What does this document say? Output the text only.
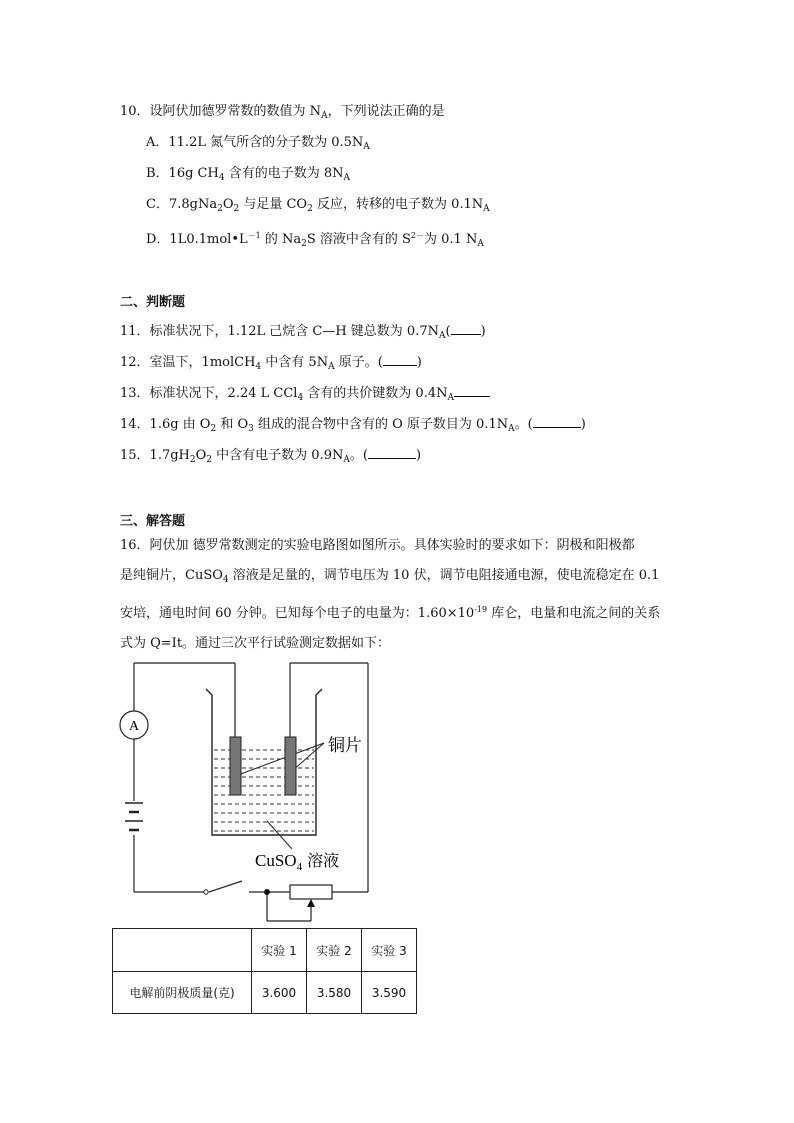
10．设阿伏加德罗常数的数值为 $N_A$，下列说法正确的是
A．11.2L 氮气所含的分子数为 $0.5N_A$
B．16g $CH_4$ 含有的电子数为 $8N_A$
C．$7.8gNa_2O_2$ 与足量 $CO_2$ 反应，转移的电子数为 $0.1N_A$
D．$1L0.1mol•L^{-1}$ 的 $Na_2S$ 溶液中含有的 $S^{2-}$为 0.1 $N_A$
二、判断题
11．标准状况下，1.12L 己烷含 C—H 键总数为 $0.7N_A$( )
12．室温下，1molCH$_4$ 中含有 $5N_A$ 原子。(	)
13．标准状况下，2.24 L CCl$_4$ 含有的共价键数为 $0.4N_A$
14．1.6g 由 $O_2$ 和 $O_3$ 组成的混合物中含有的 O 原子数目为 $0.1N_A$。(	)
15．$1.7gH_2O_2$ 中含有电子数为 $0.9N_A$。(	)
三、解答题
16．阿伏加 德罗常数测定的实验电路图如图所示。具体实验时的要求如下：阴极和阳极都
是纯铜片，CuSO$_4$ 溶液是足量的，调节电压为 10 伏，调节电阻接通电源，使电流稳定在 0.1
安培，通电时间 60 分钟。已知每个电子的电量为：$1.60\times 10^{-19}$ 库仑，电量和电流之间的关系
式为 Q=It。通过三次平行试验测定数据如下：
A
铜片
CuSO$_4$ 溶液
	实验 1	实验 2	实验 3
电解前阴极质量(克)	3.600	3.580	3.590
